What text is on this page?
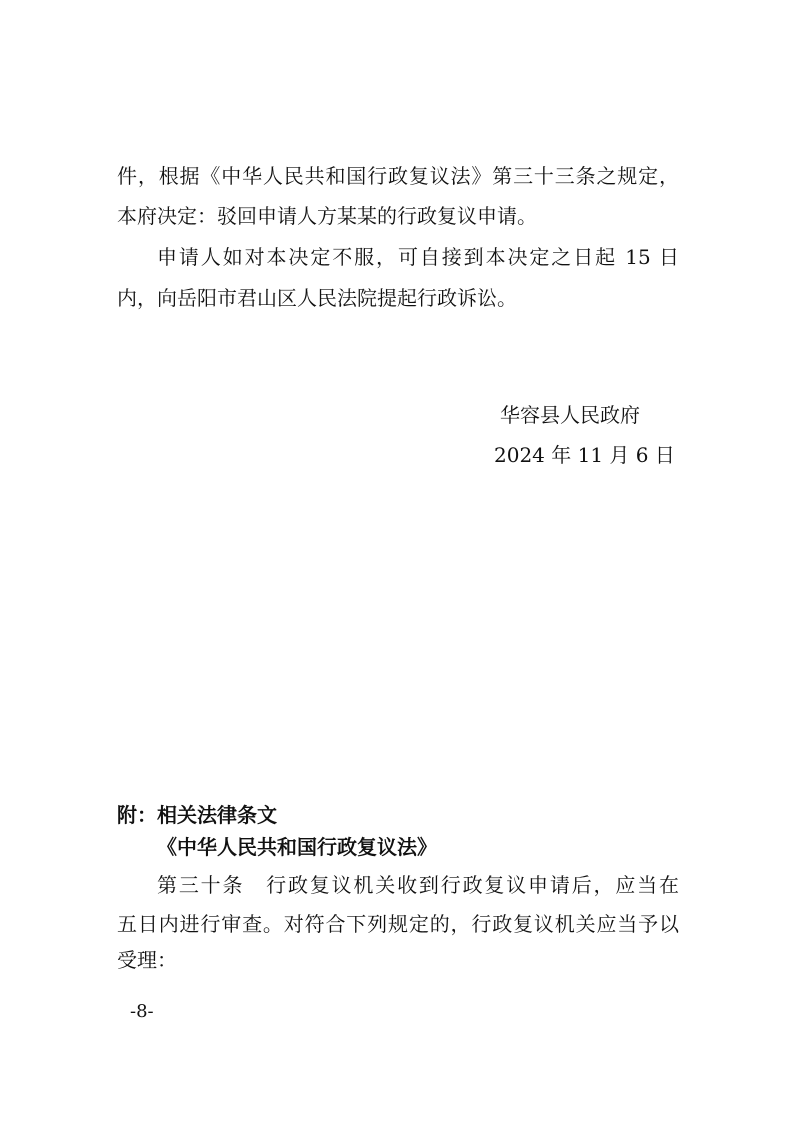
件，根据《中华人民共和国行政复议法》第三十三条之规定，
本府决定：驳回申请人方某某的行政复议申请。
申请人如对本决定不服，可自接到本决定之日起 15 日
内，向岳阳市君山区人民法院提起行政诉讼。
华容县人民政府
2024 年 11 月 6 日
附：相关法律条文
《中华人民共和国行政复议法》
第三十条　行政复议机关收到行政复议申请后，应当在
五日内进行审查。对符合下列规定的，行政复议机关应当予以
受理：
-8-
